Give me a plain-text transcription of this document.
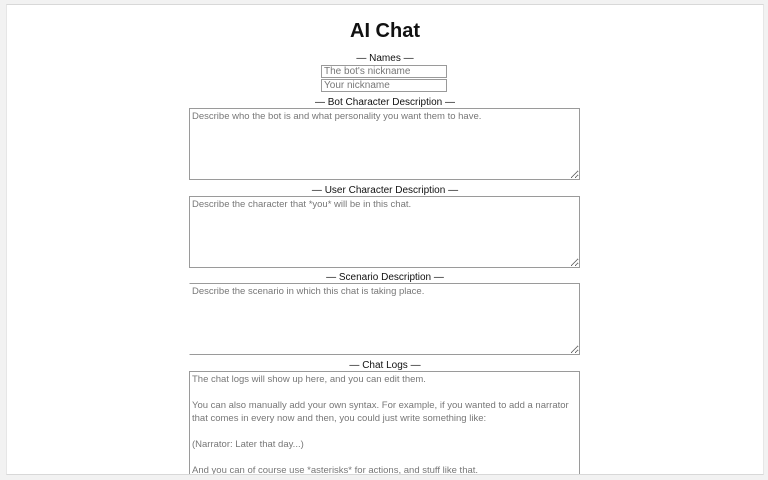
AI Chat
— Names —
The bot's nickname
Your nickname
— Bot Character Description —
Describe who the bot is and what personality you want them to have.
— User Character Description —
Describe the character that *you* will be in this chat.
— Scenario Description —
Describe the scenario in which this chat is taking place.
— Chat Logs —
The chat logs will show up here, and you can edit them. You can also manually add your own syntax. For example, if you wanted to add a narrator that comes in every now and then, you could just write something like: (Narrator: Later that day...) And you can of course use *asterisks* for actions, and stuff like that.
